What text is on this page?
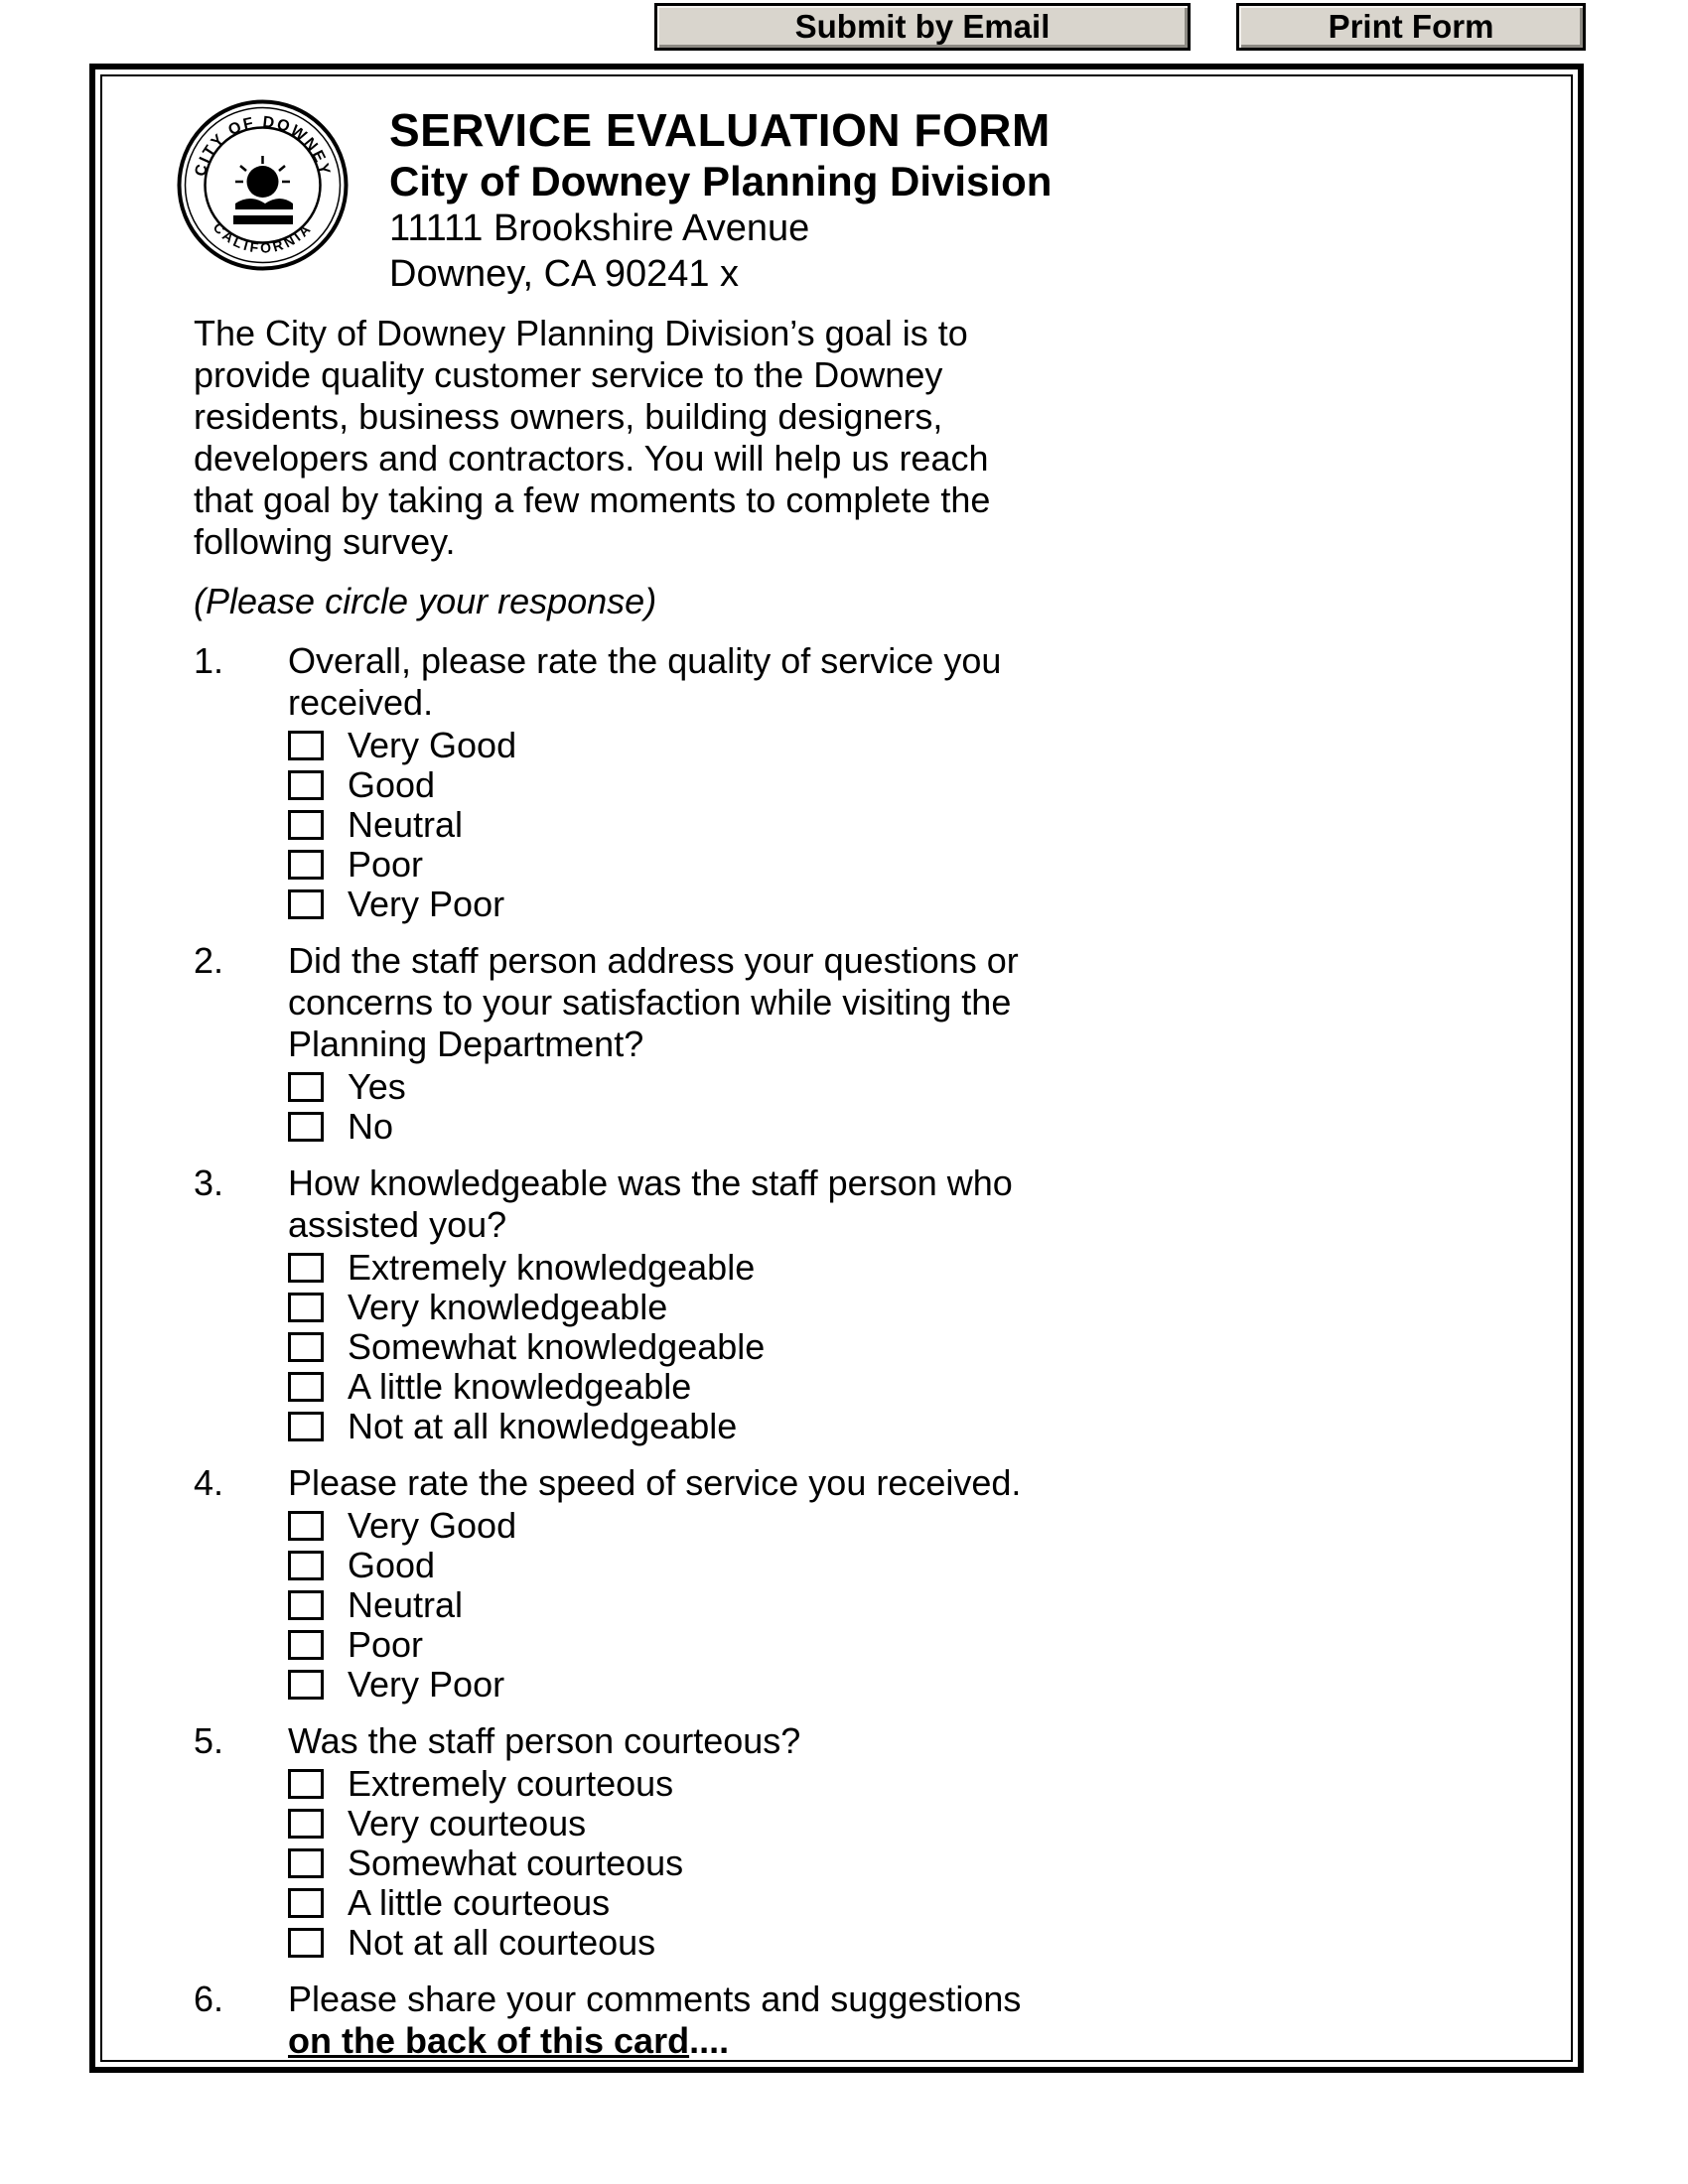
Submit by Email	Print Form
CITY OF DOWNEY
CALIFORNIA
SERVICE EVALUATION FORM
City of Downey Planning Division
11111 Brookshire Avenue
Downey, CA 90241 x
The City of Downey Planning Division’s goal is to
provide quality customer service to the Downey
residents, business owners, building designers,
developers and contractors. You will help us reach
that goal by taking a few moments to complete the
following survey.
(Please circle your response)
1.	Overall, please rate the quality of service you
received.
Very Good
Good
Neutral
Poor
Very Poor
2.	Did the staff person address your questions or
concerns to your satisfaction while visiting the
Planning Department?
Yes
No
3.	How knowledgeable was the staff person who
assisted you?
Extremely knowledgeable
Very knowledgeable
Somewhat knowledgeable
A little knowledgeable
Not at all knowledgeable
4.	Please rate the speed of service you received.
Very Good
Good
Neutral
Poor
Very Poor
5.	Was the staff person courteous?
Extremely courteous
Very courteous
Somewhat courteous
A little courteous
Not at all courteous
6.	Please share your comments and suggestions
on the back of this card....
